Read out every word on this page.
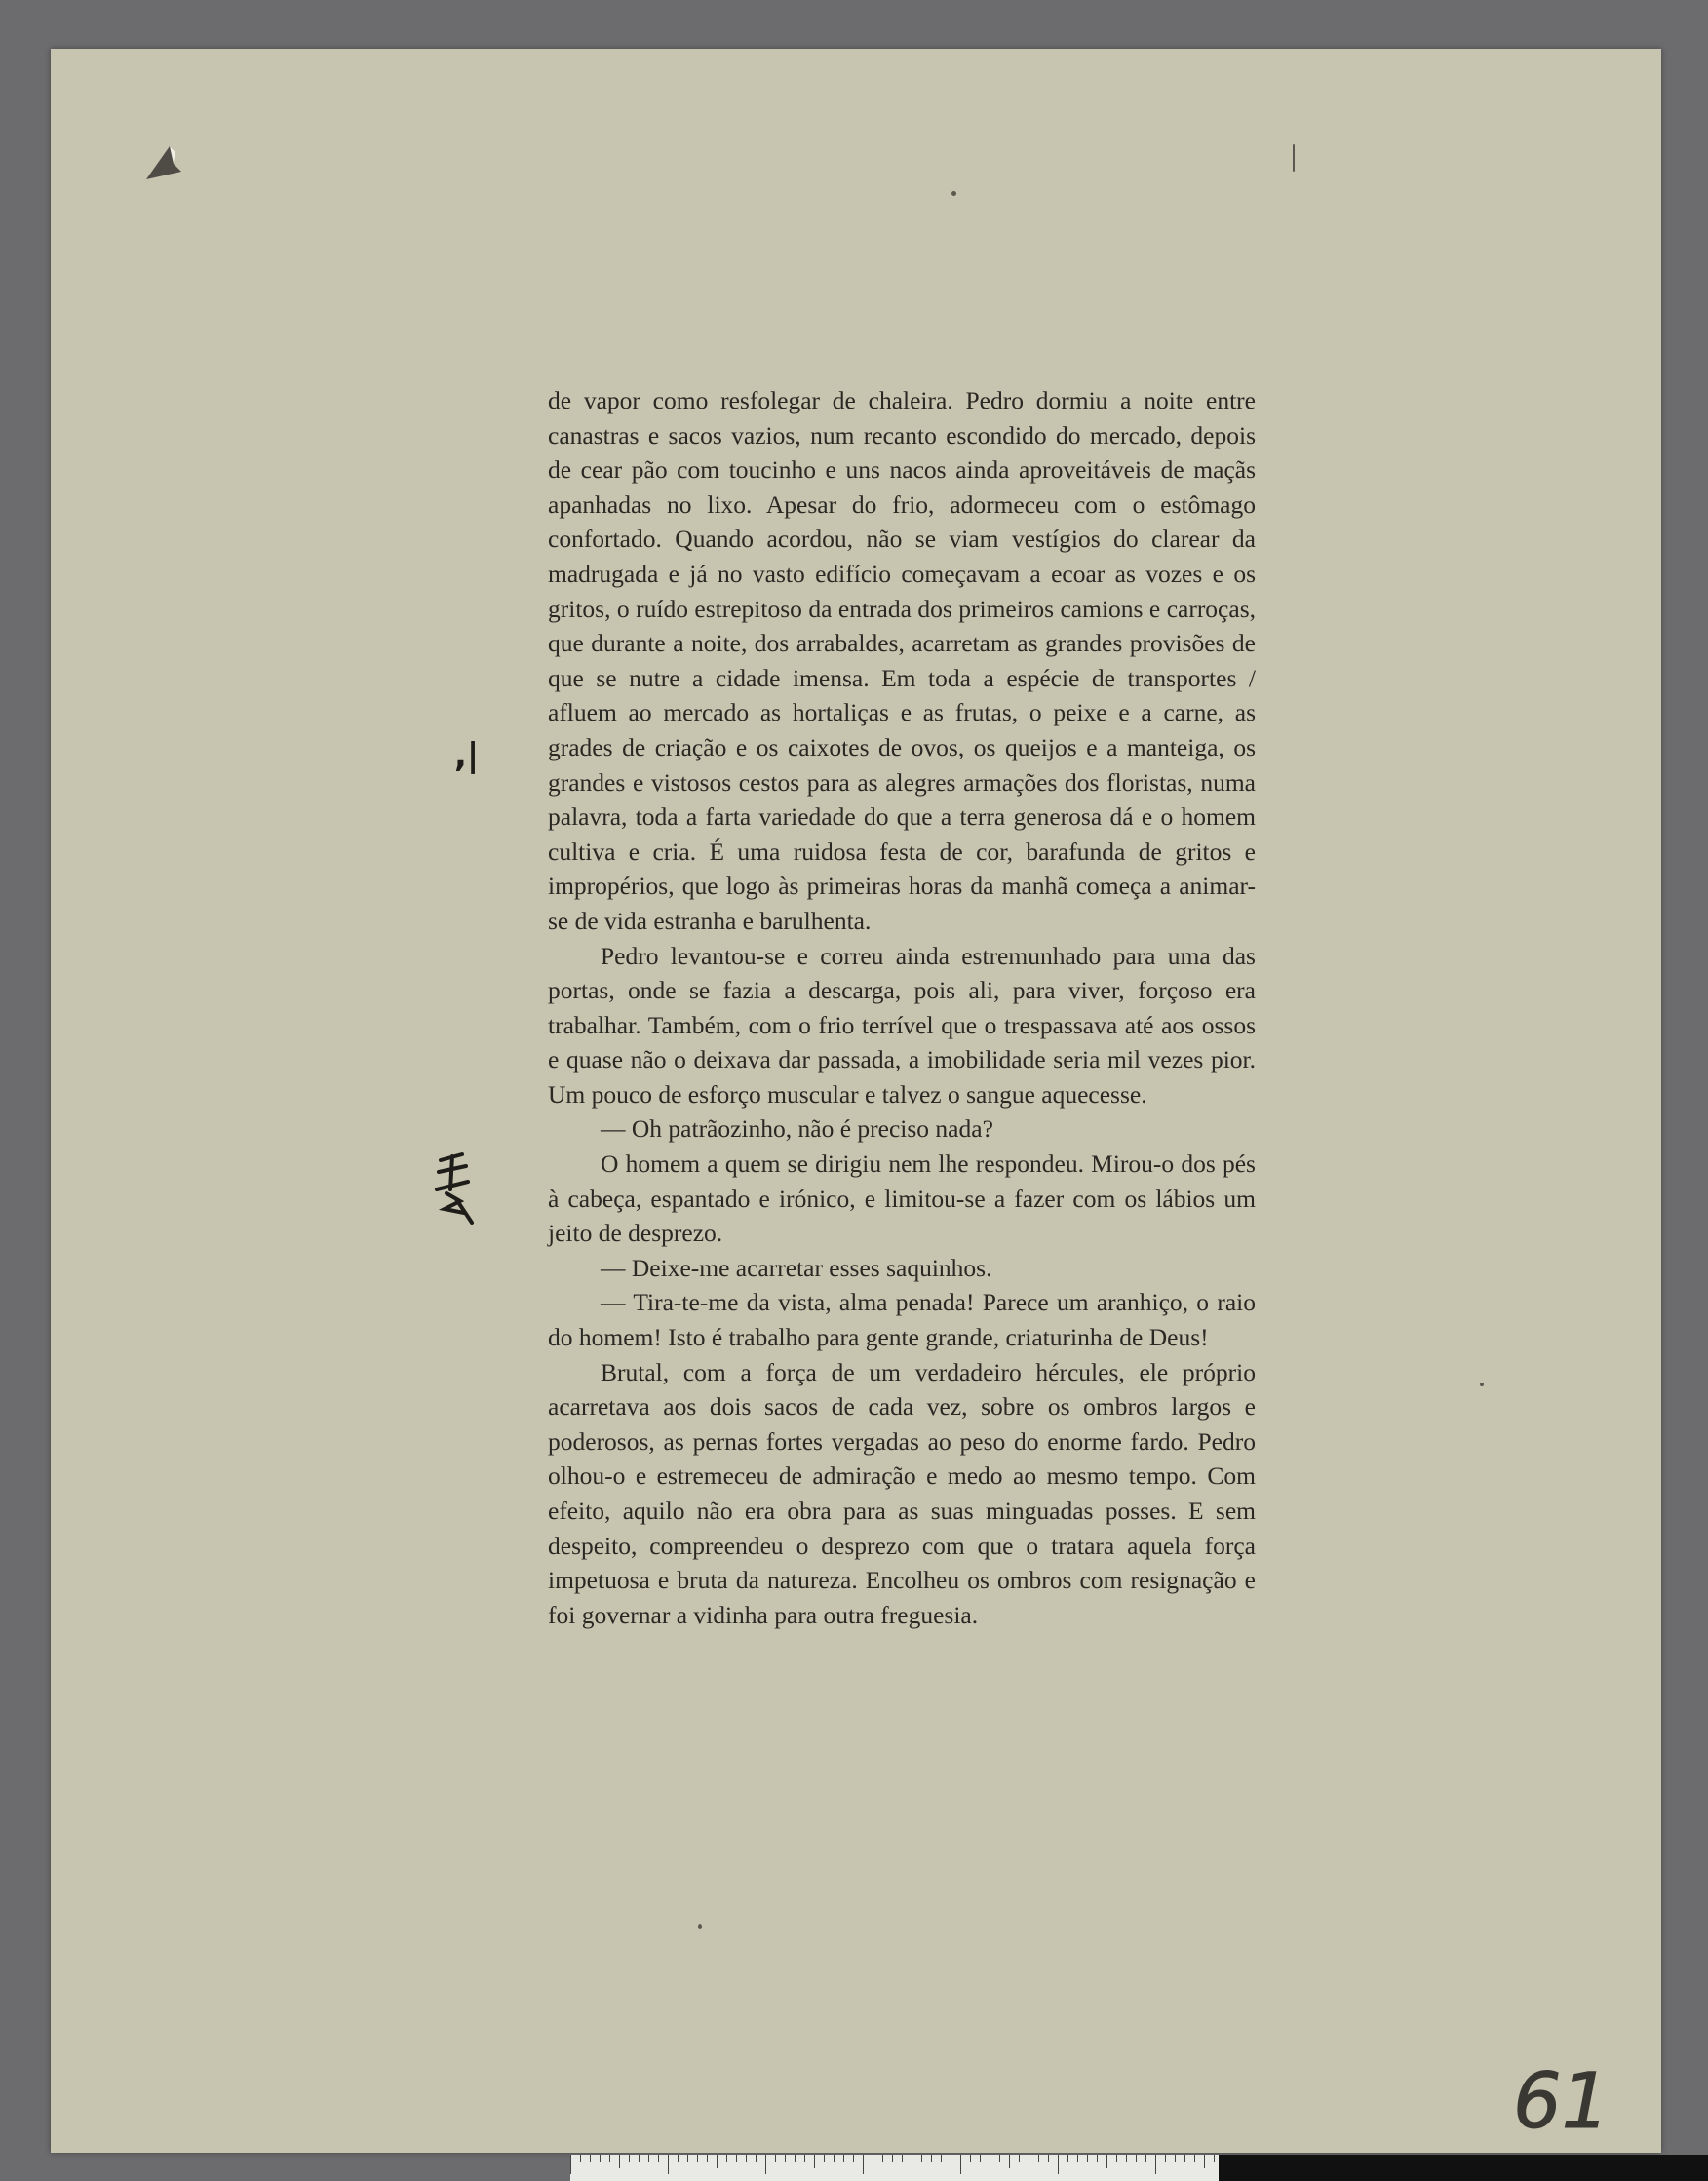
de vapor como resfolegar de chaleira. Pedro dormiu a noite entre canastras e sacos vazios, num recanto escondido do mercado, depois de cear pão com toucinho e uns nacos ainda aproveitáveis de maçãs apanhadas no lixo. Apesar do frio, adormeceu com o estômago confortado. Quando acordou, não se viam vestígios do clarear da madrugada e já no vasto edifício começavam a ecoar as vozes e os gritos, o ruído estrepitoso da entrada dos primeiros camions e carroças, que durante a noite, dos arrabaldes, acarretam as grandes provisões de que se nutre a cidade imensa. Em toda a espécie de transportes / afluem ao mercado as hortaliças e as frutas, o peixe e a carne, as grades de criação e os caixotes de ovos, os queijos e a manteiga, os grandes e vistosos cestos para as alegres armações dos floristas, numa palavra, toda a farta variedade do que a terra generosa dá e o homem cultiva e cria. É uma ruidosa festa de cor, barafunda de gritos e impropérios, que logo às primeiras horas da manhã começa a animar-se de vida estranha e barulhenta.

Pedro levantou-se e correu ainda estremunhado para uma das portas, onde se fazia a descarga, pois ali, para viver, forçoso era trabalhar. Também, com o frio terrível que o trespassava até aos ossos e quase não o deixava dar passada, a imobilidade seria mil vezes pior. Um pouco de esforço muscular e talvez o sangue aquecesse.

— Oh patrãozinho, não é preciso nada?

O homem a quem se dirigiu nem lhe respondeu. Mirou-o dos pés à cabeça, espantado e irónico, e limitou-se a fazer com os lábios um jeito de desprezo.

— Deixe-me acarretar esses saquinhos.

— Tira-te-me da vista, alma penada! Parece um aranhiço, o raio do homem! Isto é trabalho para gente grande, criaturinha de Deus!

Brutal, com a força de um verdadeiro hércules, ele próprio acarretava aos dois sacos de cada vez, sobre os ombros largos e poderosos, as pernas fortes vergadas ao peso do enorme fardo. Pedro olhou-o e estremeceu de admiração e medo ao mesmo tempo. Com efeito, aquilo não era obra para as suas minguadas posses. E sem despeito, compreendeu o desprezo com que o tratara aquela força impetuosa e bruta da natureza. Encolheu os ombros com resignação e foi governar a vidinha para outra freguesia.

,|
61
